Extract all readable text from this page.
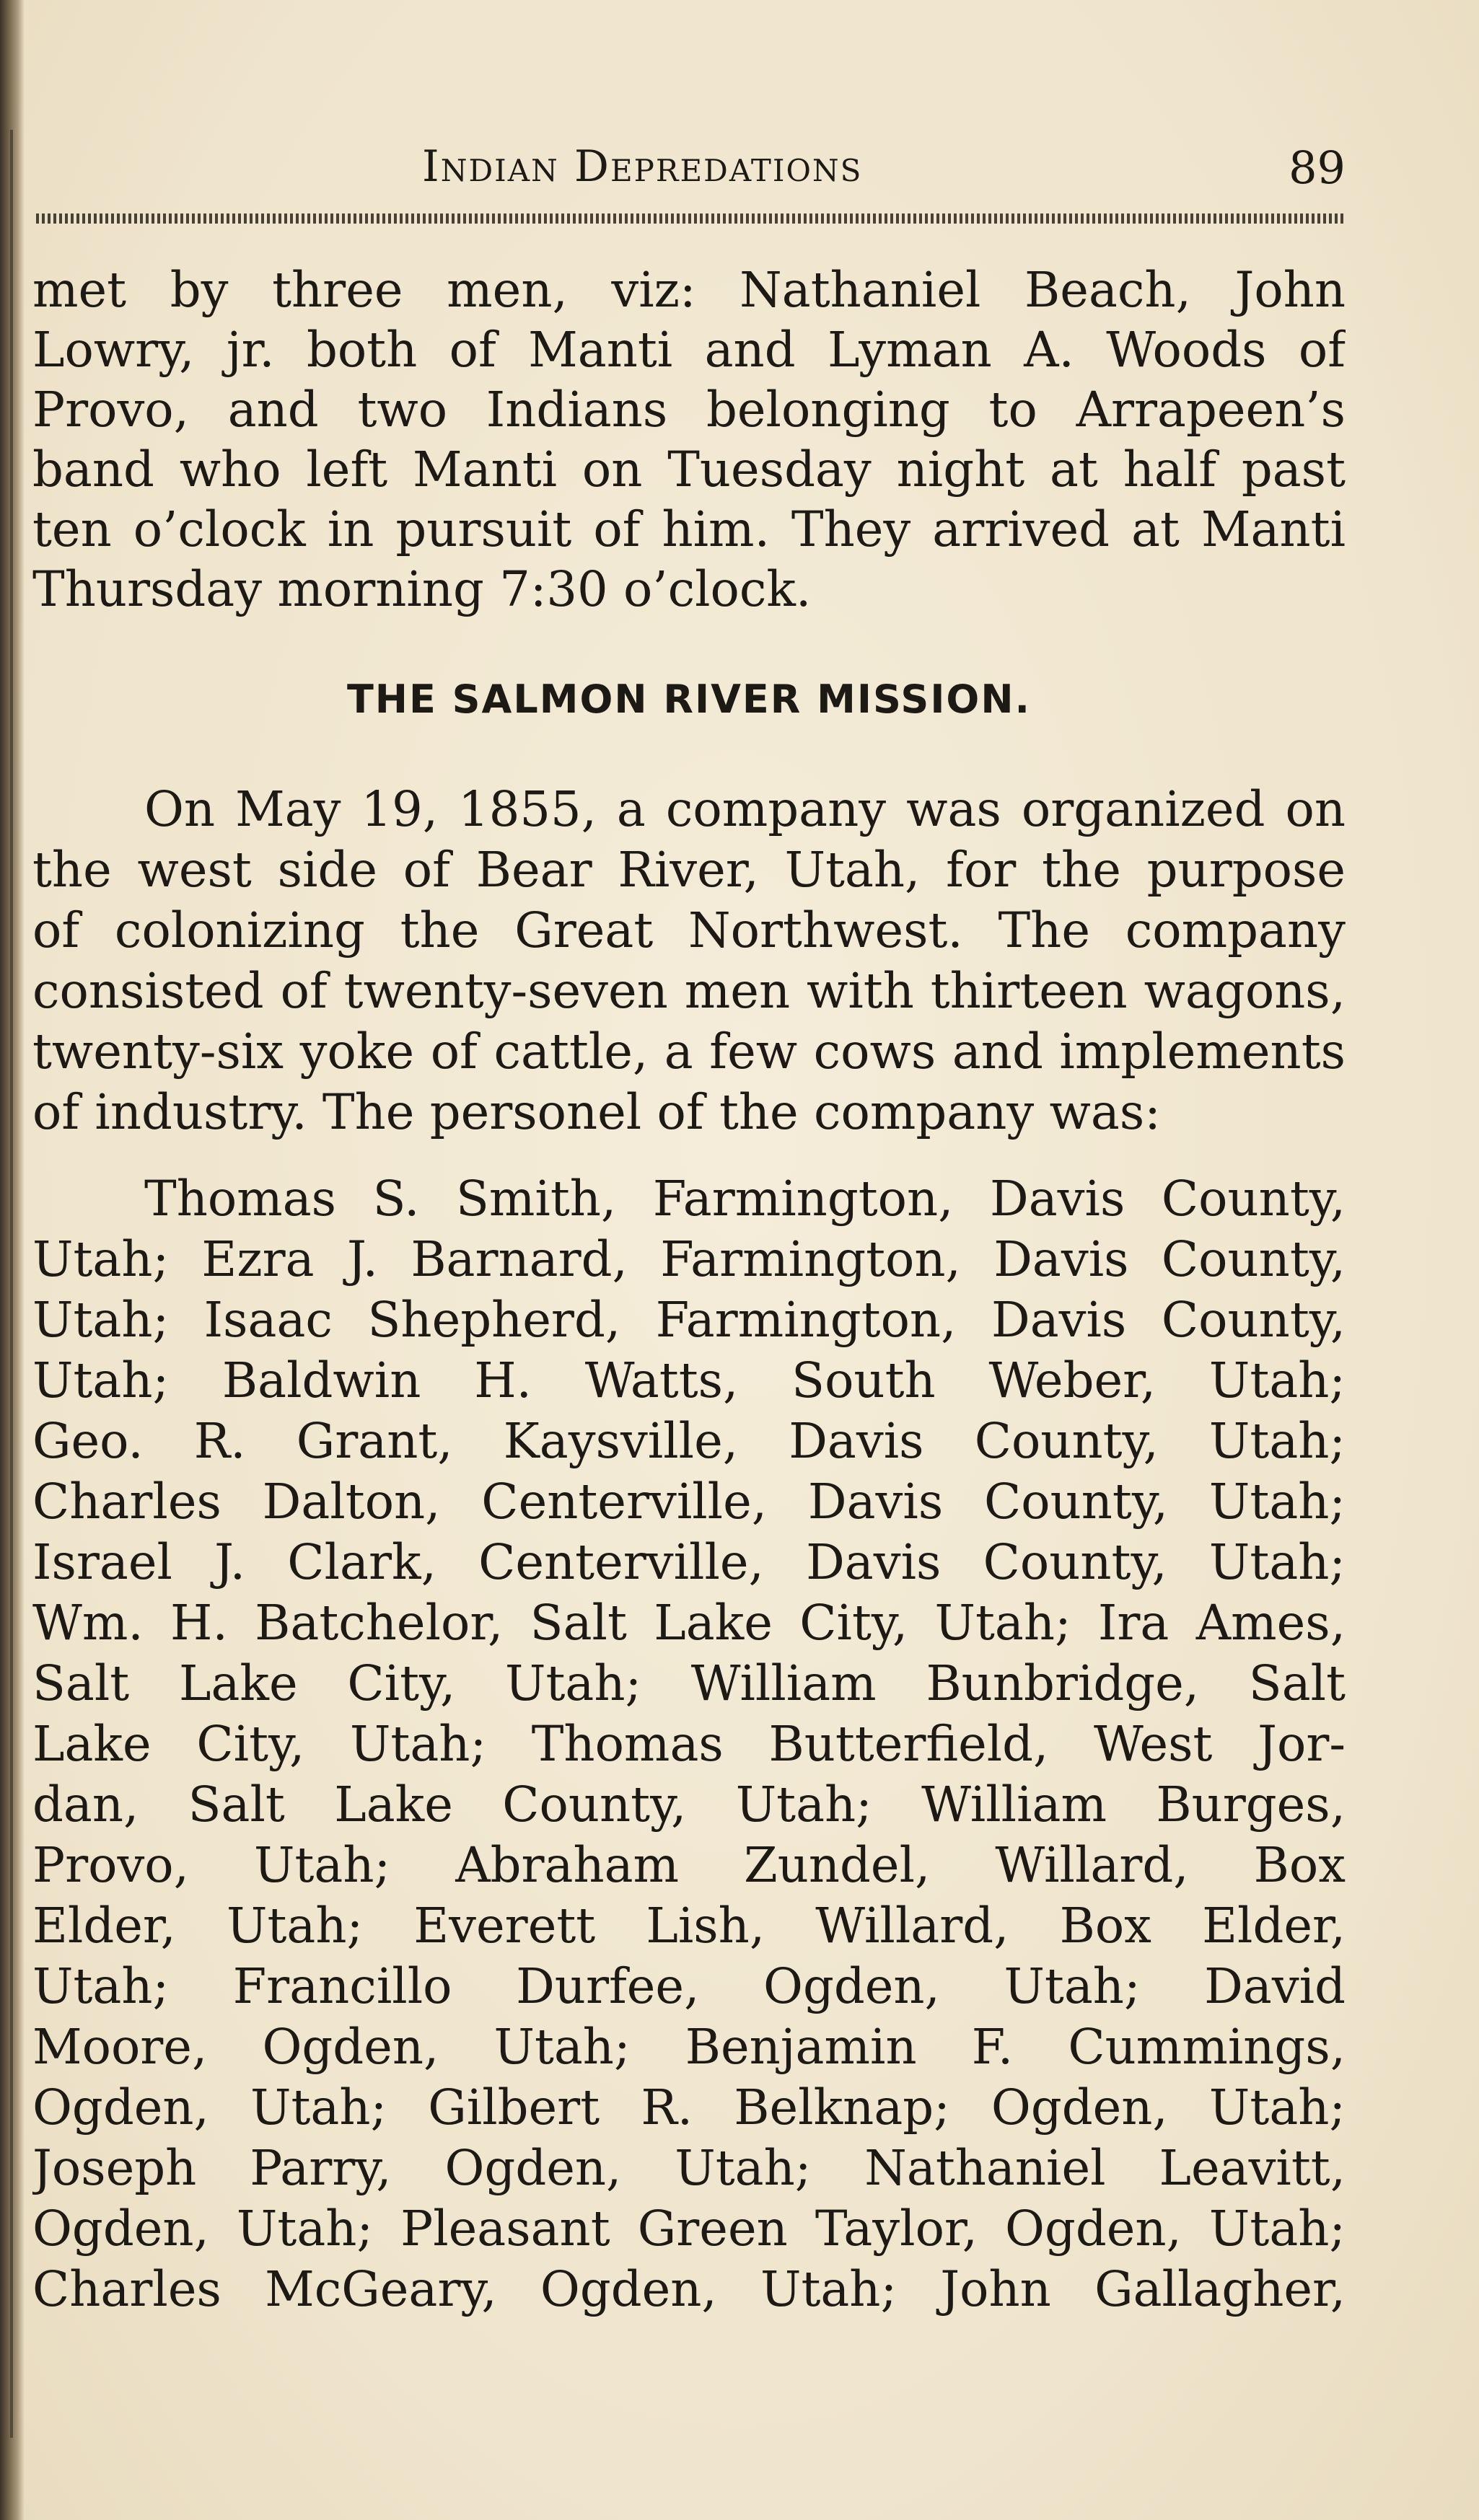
Indian Depredations	89
met by three men, viz: Nathaniel Beach, John
Lowry, jr. both of Manti and Lyman A. Woods of
Provo, and two Indians belonging to Arrapeen’s
band who left Manti on Tuesday night at half past
ten o’clock in pursuit of him. They arrived at Manti
Thursday morning 7:30 o’clock.
THE SALMON RIVER MISSION.
On May 19, 1855, a company was organized on
the west side of Bear River, Utah, for the purpose
of colonizing the Great Northwest. The company
consisted of twenty-seven men with thirteen wagons,
twenty-six yoke of cattle, a few cows and implements
of industry. The personel of the company was:
Thomas S. Smith, Farmington, Davis County,
Utah; Ezra J. Barnard, Farmington, Davis County,
Utah; Isaac Shepherd, Farmington, Davis County,
Utah; Baldwin H. Watts, South Weber, Utah;
Geo. R. Grant, Kaysville, Davis County, Utah;
Charles Dalton, Centerville, Davis County, Utah;
Israel J. Clark, Centerville, Davis County, Utah;
Wm. H. Batchelor, Salt Lake City, Utah; Ira Ames,
Salt Lake City, Utah; William Bunbridge, Salt
Lake City, Utah; Thomas Butterfield, West Jor-
dan, Salt Lake County, Utah; William Burges,
Provo, Utah; Abraham Zundel, Willard, Box
Elder, Utah; Everett Lish, Willard, Box Elder,
Utah; Francillo Durfee, Ogden, Utah; David
Moore, Ogden, Utah; Benjamin F. Cummings,
Ogden, Utah; Gilbert R. Belknap; Ogden, Utah;
Joseph Parry, Ogden, Utah; Nathaniel Leavitt,
Ogden, Utah; Pleasant Green Taylor, Ogden, Utah;
Charles McGeary, Ogden, Utah; John Gallagher,
